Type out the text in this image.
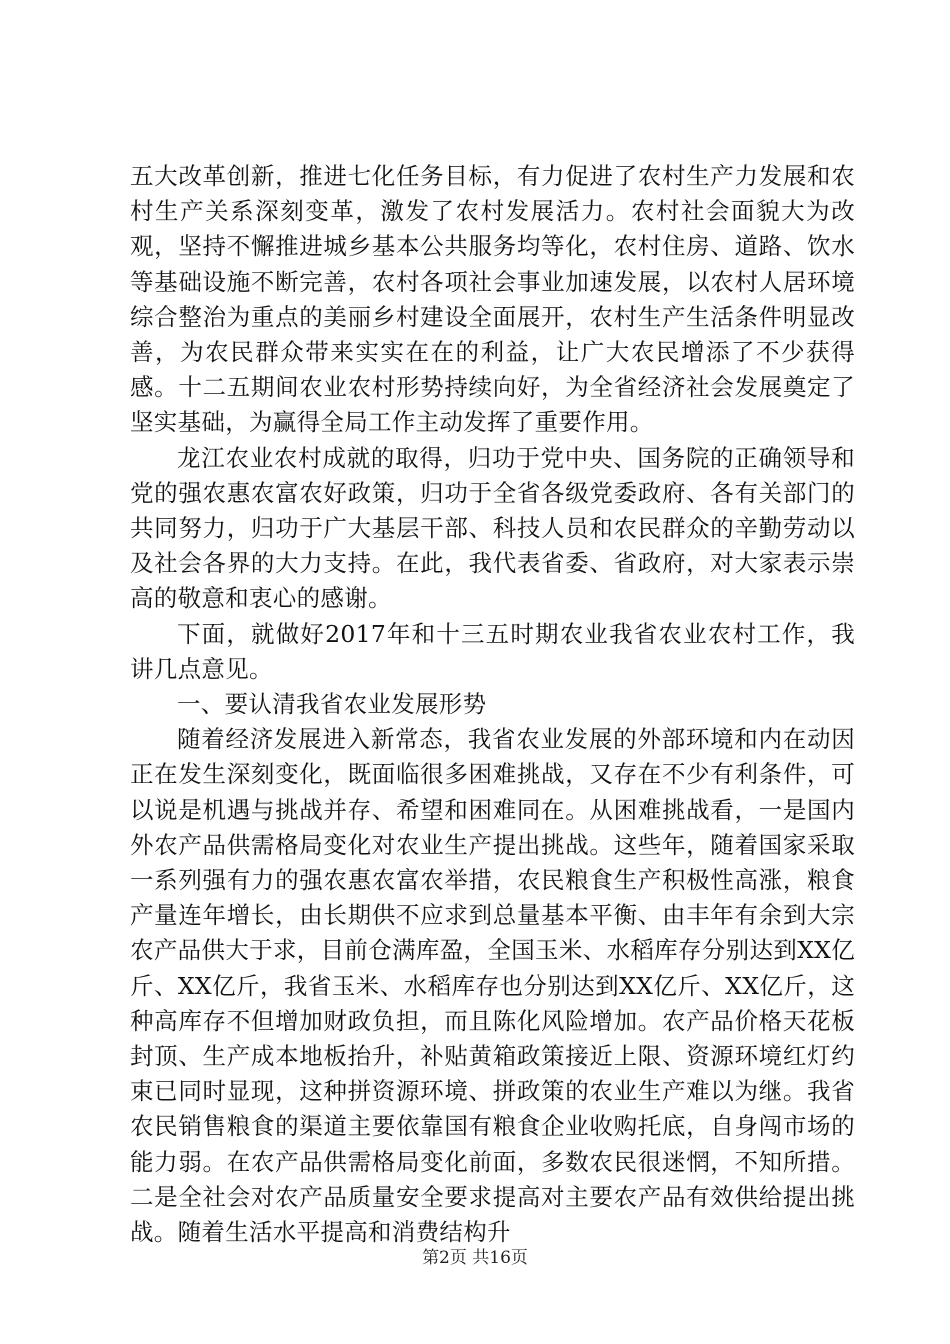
五大改革创新，推进七化任务目标，有力促进了农村生产力发展和农村生产关系深刻变革，激发了农村发展活力。农村社会面貌大为改观，坚持不懈推进城乡基本公共服务均等化，农村住房、道路、饮水等基础设施不断完善，农村各项社会事业加速发展，以农村人居环境综合整治为重点的美丽乡村建设全面展开，农村生产生活条件明显改善，为农民群众带来实实在在的利益，让广大农民增添了不少获得感。十二五期间农业农村形势持续向好，为全省经济社会发展奠定了坚实基础，为赢得全局工作主动发挥了重要作用。

龙江农业农村成就的取得，归功于党中央、国务院的正确领导和党的强农惠农富农好政策，归功于全省各级党委政府、各有关部门的共同努力，归功于广大基层干部、科技人员和农民群众的辛勤劳动以及社会各界的大力支持。在此，我代表省委、省政府，对大家表示崇高的敬意和衷心的感谢。

下面，就做好2017年和十三五时期农业我省农业农村工作，我讲几点意见。

一、要认清我省农业发展形势

随着经济发展进入新常态，我省农业发展的外部环境和内在动因正在发生深刻变化，既面临很多困难挑战，又存在不少有利条件，可以说是机遇与挑战并存、希望和困难同在。从困难挑战看，一是国内外农产品供需格局变化对农业生产提出挑战。这些年，随着国家采取一系列强有力的强农惠农富农举措，农民粮食生产积极性高涨，粮食产量连年增长，由长期供不应求到总量基本平衡、由丰年有余到大宗农产品供大于求，目前仓满库盈，全国玉米、水稻库存分别达到XX亿斤、XX亿斤，我省玉米、水稻库存也分别达到XX亿斤、XX亿斤，这种高库存不但增加财政负担，而且陈化风险增加。农产品价格天花板封顶、生产成本地板抬升，补贴黄箱政策接近上限、资源环境红灯约束已同时显现，这种拼资源环境、拼政策的农业生产难以为继。我省农民销售粮食的渠道主要依靠国有粮食企业收购托底，自身闯市场的能力弱。在农产品供需格局变化前面，多数农民很迷惘，不知所措。二是全社会对农产品质量安全要求提高对主要农产品有效供给提出挑战。随着生活水平提高和消费结构升

第2页 共16页
